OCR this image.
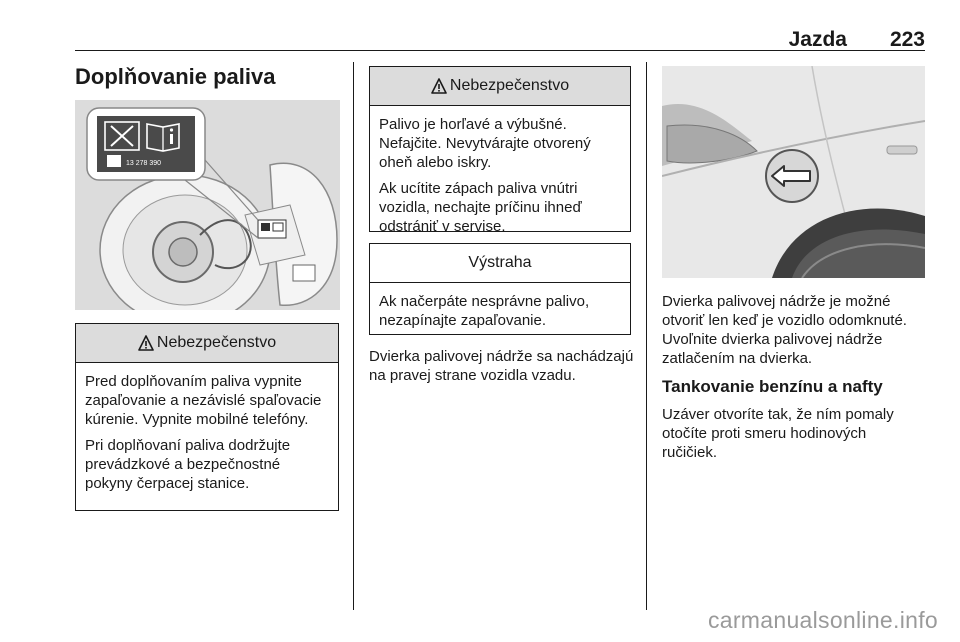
Jazda 223
Doplňovanie paliva
13 278 390
Nebezpečenstvo

Pred doplňovaním paliva vypnite zapaľovanie a nezávislé spaľovacie kúrenie. Vypnite mobilné telefóny.

Pri doplňovaní paliva dodržujte prevádzkové a bezpečnostné pokyny čerpacej stanice.

Nebezpečenstvo

Palivo je horľavé a výbušné. Nefajčite. Nevytvárajte otvorený oheň alebo iskry.

Ak ucítite zápach paliva vnútri vozidla, nechajte príčinu ihneď odstrániť v servise.

Výstraha

Ak načerpáte nesprávne palivo, nezapínajte zapaľovanie.

Dvierka palivovej nádrže sa nachádzajú na pravej strane vozidla vzadu.

Dvierka palivovej nádrže je možné otvoriť len keď je vozidlo odomknuté. Uvoľnite dvierka palivovej nádrže zatlačením na dvierka.

Tankovanie benzínu a nafty

Uzáver otvoríte tak, že ním pomaly otočíte proti smeru hodinových ručičiek.

carmanualsonline.info
